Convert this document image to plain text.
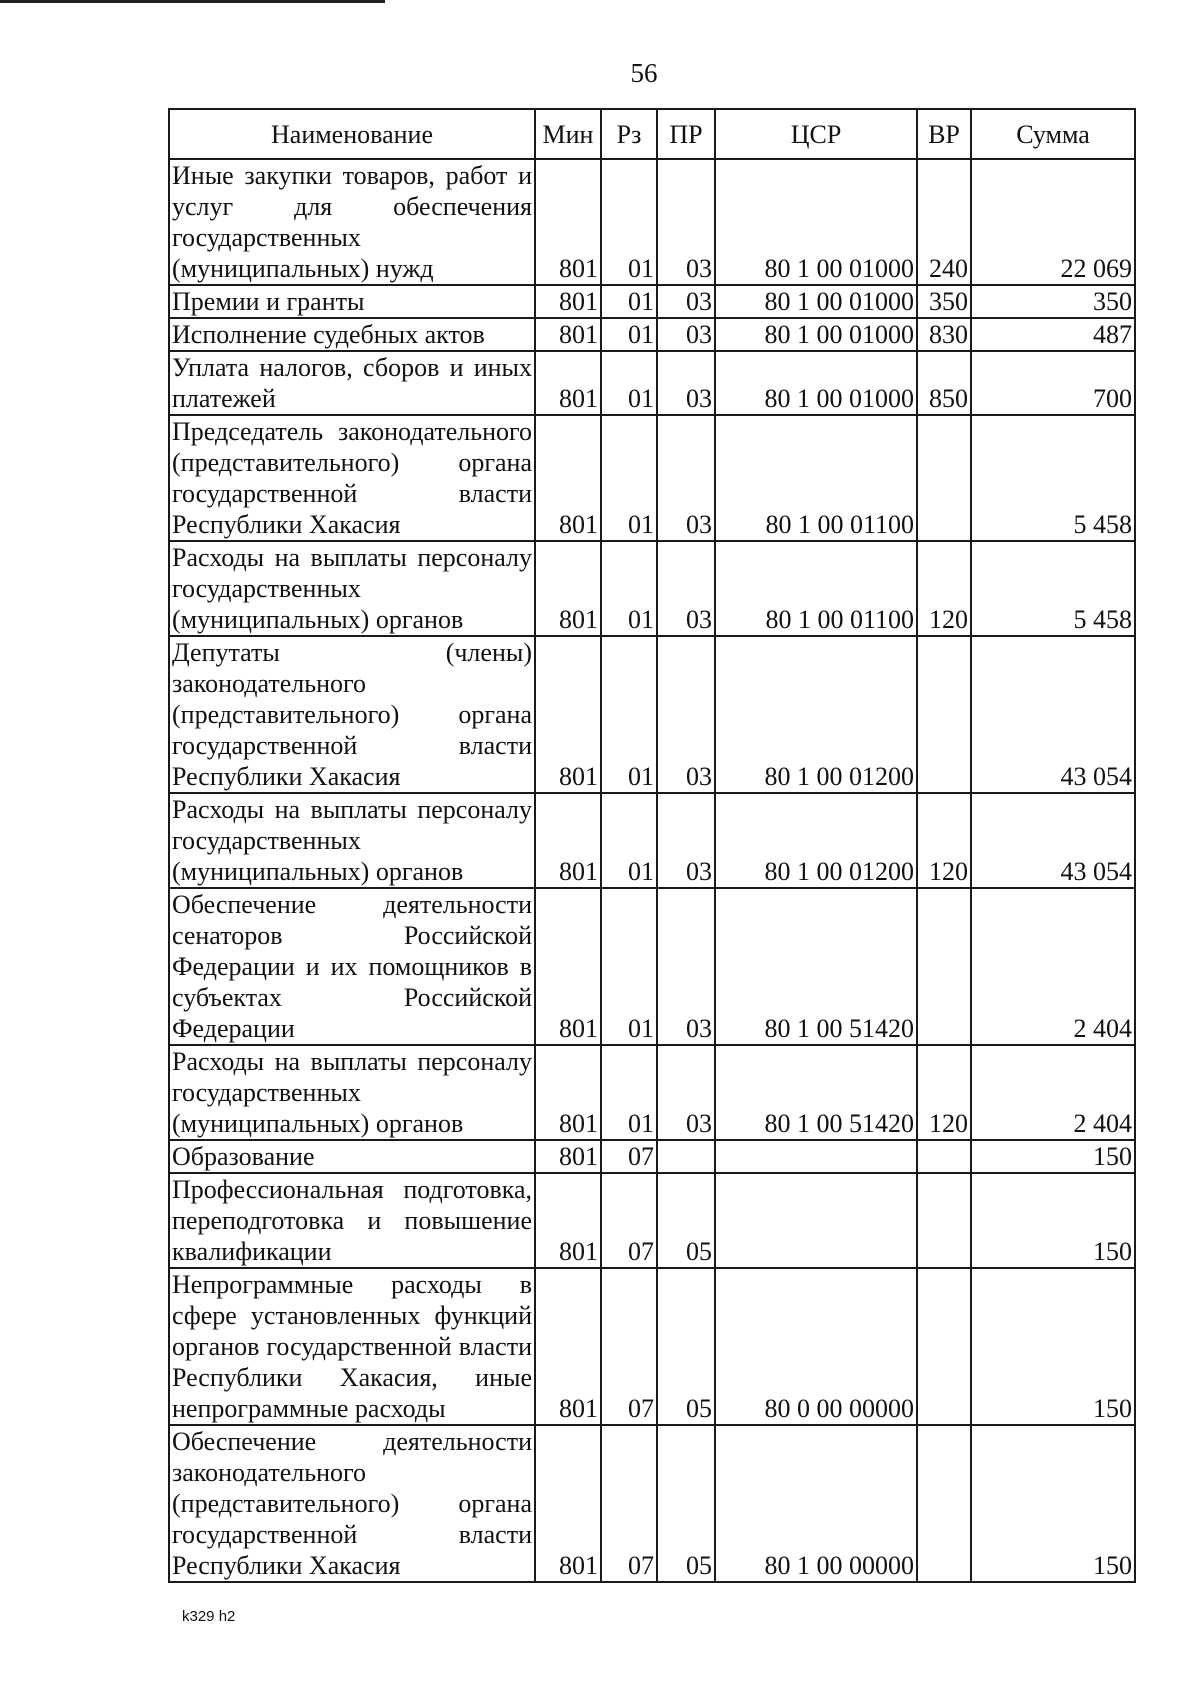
56
Наименование	Мин	Рз	ПР	ЦСР	ВР	Сумма
Иные закупки товаров, работ и услуг для обеспечения государственных (муниципальных) нужд	801	01	03	80 1 00 01000	240	22 069
Премии и гранты	801	01	03	80 1 00 01000	350	350
Исполнение судебных актов	801	01	03	80 1 00 01000	830	487
Уплата налогов, сборов и иных платежей	801	01	03	80 1 00 01000	850	700
Председатель законодательного (представительного) органа государственной власти Республики Хакасия	801	01	03	80 1 00 01100		5 458
Расходы на выплаты персоналу государственных (муниципальных) органов	801	01	03	80 1 00 01100	120	5 458
Депутаты (члены) законодательного (представительного) органа государственной власти Республики Хакасия	801	01	03	80 1 00 01200		43 054
Расходы на выплаты персоналу государственных (муниципальных) органов	801	01	03	80 1 00 01200	120	43 054
Обеспечение деятельности сенаторов Российской Федерации и их помощников в субъектах Российской Федерации	801	01	03	80 1 00 51420		2 404
Расходы на выплаты персоналу государственных (муниципальных) органов	801	01	03	80 1 00 51420	120	2 404
Образование	801	07				150
Профессиональная подготовка, переподготовка и повышение квалификации	801	07	05			150
Непрограммные расходы в сфере установленных функций органов государственной власти Республики Хакасия, иные непрограммные расходы	801	07	05	80 0 00 00000		150
Обеспечение деятельности законодательного (представительного) органа государственной власти Республики Хакасия	801	07	05	80 1 00 00000		150
k329 h2
